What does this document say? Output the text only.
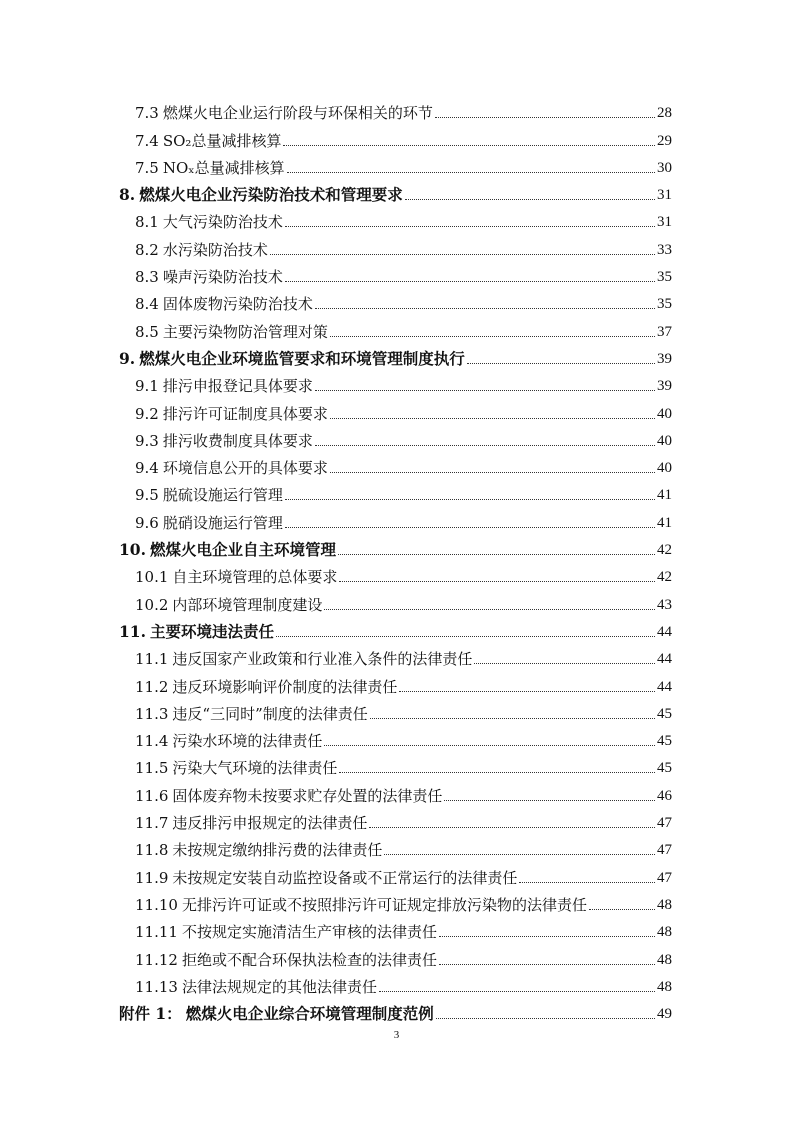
7.3 燃煤火电企业运行阶段与环保相关的环节	28
7.4 SO₂总量减排核算	29
7.5 NOₓ总量减排核算	30
8. 燃煤火电企业污染防治技术和管理要求	31
8.1 大气污染防治技术	31
8.2 水污染防治技术	33
8.3 噪声污染防治技术	35
8.4 固体废物污染防治技术	35
8.5 主要污染物防治管理对策	37
9. 燃煤火电企业环境监管要求和环境管理制度执行	39
9.1 排污申报登记具体要求	39
9.2 排污许可证制度具体要求	40
9.3 排污收费制度具体要求	40
9.4 环境信息公开的具体要求	40
9.5 脱硫设施运行管理	41
9.6 脱硝设施运行管理	41
10. 燃煤火电企业自主环境管理	42
10.1 自主环境管理的总体要求	42
10.2 内部环境管理制度建设	43
11. 主要环境违法责任	44
11.1 违反国家产业政策和行业准入条件的法律责任	44
11.2 违反环境影响评价制度的法律责任	44
11.3 违反“三同时”制度的法律责任	45
11.4 污染水环境的法律责任	45
11.5 污染大气环境的法律责任	45
11.6 固体废弃物未按要求贮存处置的法律责任	46
11.7 违反排污申报规定的法律责任	47
11.8 未按规定缴纳排污费的法律责任	47
11.9 未按规定安装自动监控设备或不正常运行的法律责任	47
11.10 无排污许可证或不按照排污许可证规定排放污染物的法律责任	48
11.11 不按规定实施清洁生产审核的法律责任	48
11.12 拒绝或不配合环保执法检查的法律责任	48
11.13 法律法规规定的其他法律责任	48
附件 1： 燃煤火电企业综合环境管理制度范例	49
3
